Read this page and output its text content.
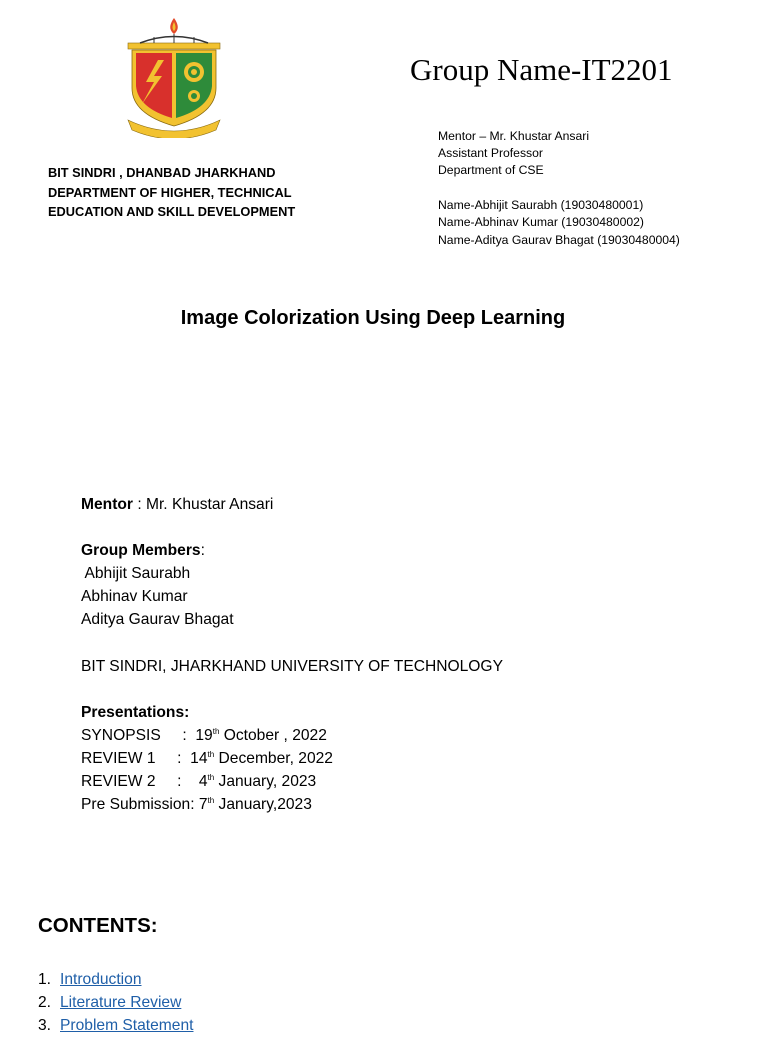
Group Name-IT2201
Mentor – Mr. Khustar Ansari
Assistant Professor
Department of CSE
Name-Abhijit Saurabh (19030480001)
Name-Abhinav Kumar (19030480002)
Name-Aditya Gaurav Bhagat (19030480004)
BIT SINDRI , DHANBAD JHARKHAND
DEPARTMENT OF HIGHER, TECHNICAL
EDUCATION AND SKILL DEVELOPMENT
Image Colorization Using Deep Learning
Mentor : Mr. Khustar Ansari
Group Members:
Abhijit Saurabh
Abhinav Kumar
Aditya Gaurav Bhagat
BIT SINDRI, JHARKHAND UNIVERSITY OF TECHNOLOGY
Presentations:
SYNOPSIS     :  19th October , 2022
REVIEW 1     :  14th December, 2022
REVIEW 2     :    4th January, 2023
Pre Submission: 7th January,2023
CONTENTS:
1. Introduction
2. Literature Review
3. Problem Statement
